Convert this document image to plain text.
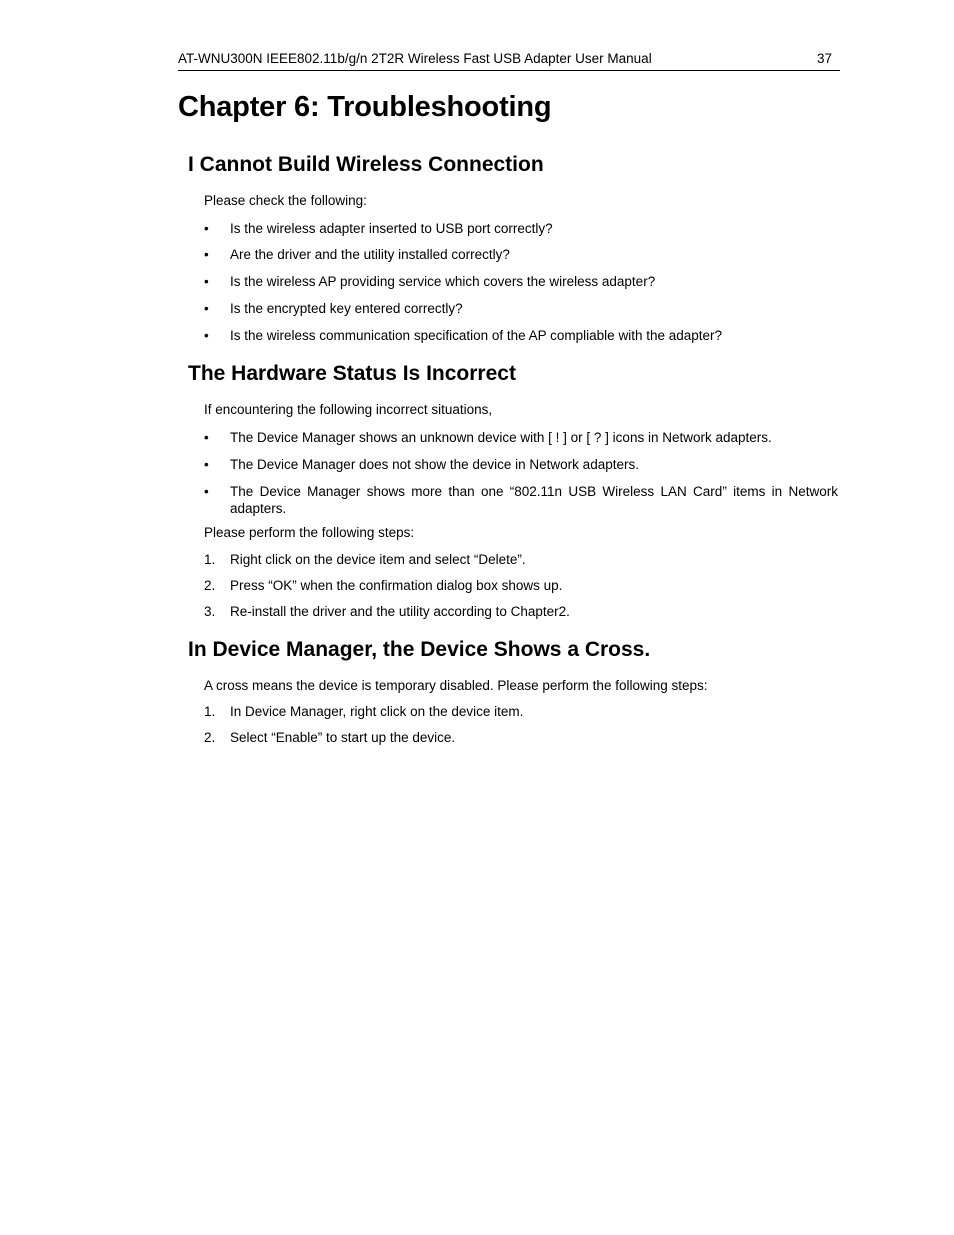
AT-WNU300N IEEE802.11b/g/n 2T2R Wireless Fast USB Adapter User Manual	37
Chapter 6: Troubleshooting
I Cannot Build Wireless Connection

Please check the following:

•	Is the wireless adapter inserted to USB port correctly?
•	Are the driver and the utility installed correctly?
•	Is the wireless AP providing service which covers the wireless adapter?
•	Is the encrypted key entered correctly?
•	Is the wireless communication specification of the AP compliable with the adapter?
The Hardware Status Is Incorrect

If encountering the following incorrect situations,

•	The Device Manager shows an unknown device with [ ! ] or [ ? ] icons in Network adapters.
•	The Device Manager does not show the device in Network adapters.
•	The Device Manager shows more than one “802.11n USB Wireless LAN Card” items in Network adapters.

Please perform the following steps:

1.	Right click on the device item and select “Delete”.
2.	Press “OK” when the confirmation dialog box shows up.
3.	Re-install the driver and the utility according to Chapter2.
In Device Manager, the Device Shows a Cross.

A cross means the device is temporary disabled. Please perform the following steps:

1.	In Device Manager, right click on the device item.
2.	Select “Enable” to start up the device.
